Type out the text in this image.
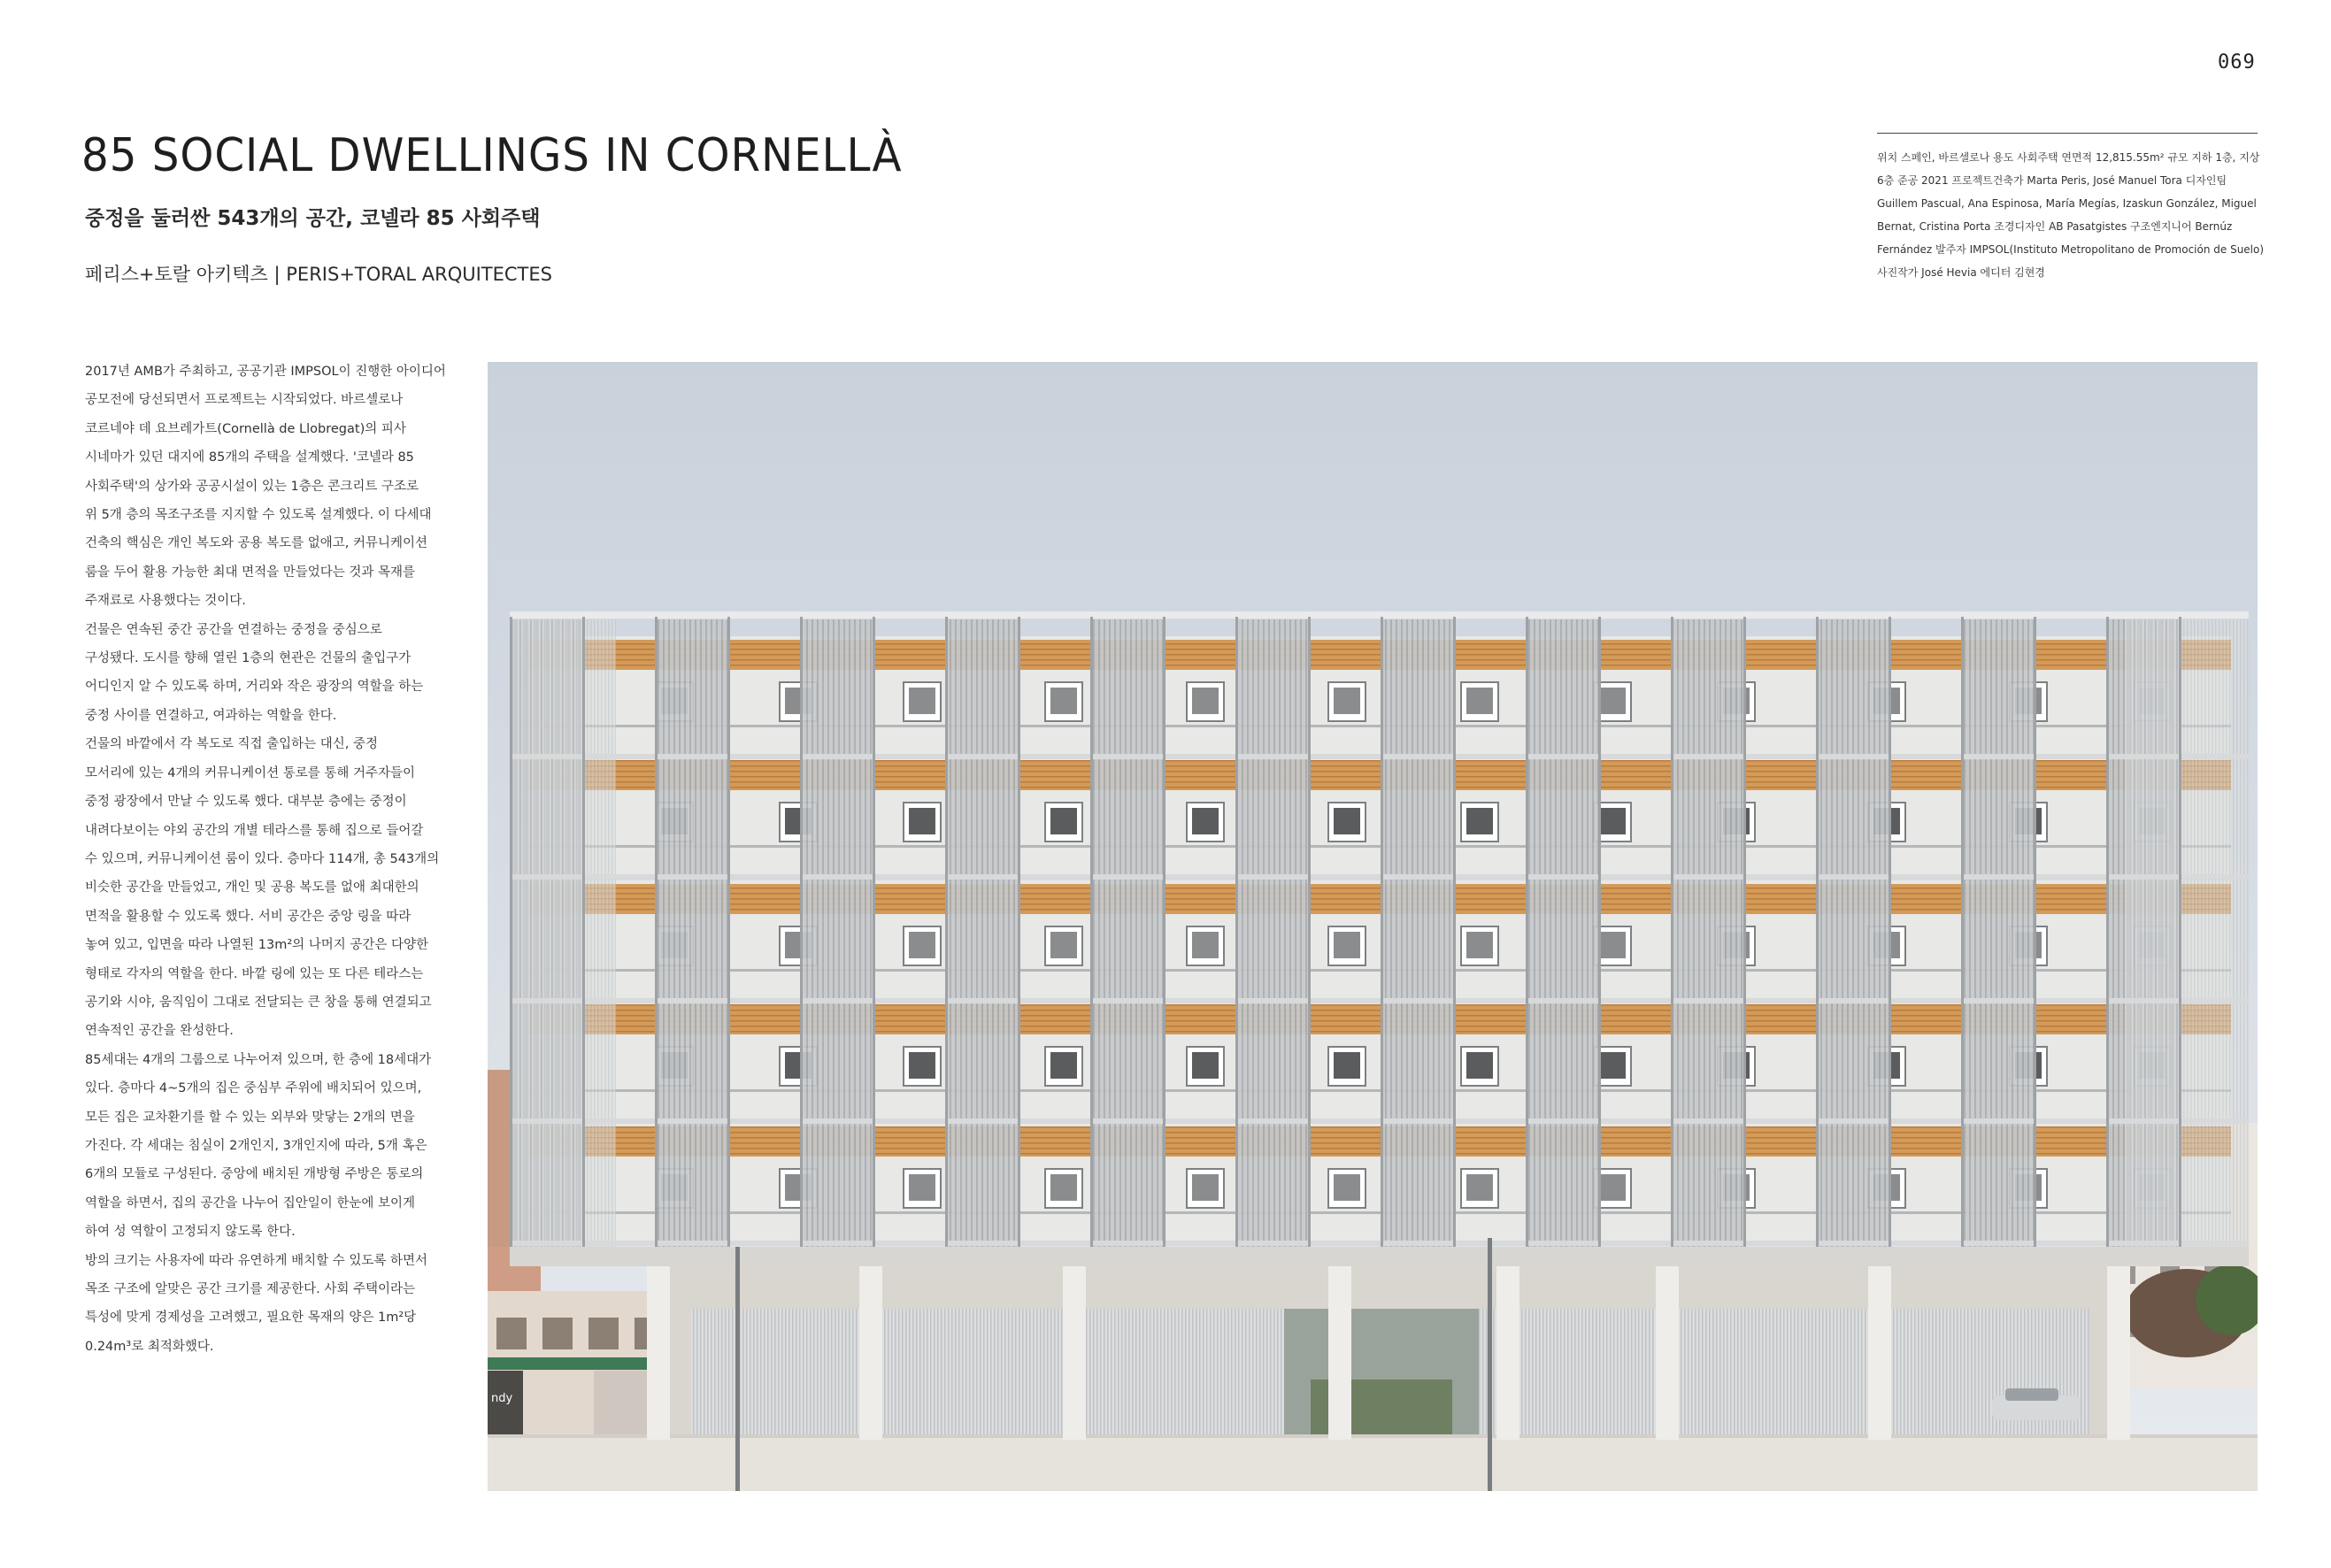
069
85 SOCIAL DWELLINGS IN CORNELLÀ
중정을 둘러싼 543개의 공간, 코넬라 85 사회주택
페리스+토랄 아키텍츠 | PERIS+TORAL ARQUITECTES

위치 스페인, 바르셀로나 용도 사회주택 연면적 12,815.55m² 규모 지하 1층, 지상

6층 준공 2021 프로젝트건축가 Marta Peris, José Manuel Tora 디자인팀

Guillem Pascual, Ana Espinosa, María Megías, Izaskun González, Miguel

Bernat, Cristina Porta 조경디자인 AB Pasatgistes 구조엔지니어 Bernúz

Fernández 발주자 IMPSOL(Instituto Metropolitano de Promoción de Suelo)

사진작가 José Hevia 에디터 김현경

2017년 AMB가 주최하고, 공공기관 IMPSOL이 진행한 아이디어

공모전에 당선되면서 프로젝트는 시작되었다. 바르셀로나

코르네야 데 요브레가트(Cornellà de Llobregat)의 피사

시네마가 있던 대지에 85개의 주택을 설계했다. '코넬라 85

사회주택'의 상가와 공공시설이 있는 1층은 콘크리트 구조로

위 5개 층의 목조구조를 지지할 수 있도록 설계했다. 이 다세대

건축의 핵심은 개인 복도와 공용 복도를 없애고, 커뮤니케이션

룸을 두어 활용 가능한 최대 면적을 만들었다는 것과 목재를

주재료로 사용했다는 것이다.

건물은 연속된 중간 공간을 연결하는 중정을 중심으로

구성됐다. 도시를 향해 열린 1층의 현관은 건물의 출입구가

어디인지 알 수 있도록 하며, 거리와 작은 광장의 역할을 하는

중정 사이를 연결하고, 여과하는 역할을 한다.

건물의 바깥에서 각 복도로 직접 출입하는 대신, 중정

모서리에 있는 4개의 커뮤니케이션 통로를 통해 거주자들이

중정 광장에서 만날 수 있도록 했다. 대부분 층에는 중정이

내려다보이는 야외 공간의 개별 테라스를 통해 집으로 들어갈

수 있으며, 커뮤니케이션 룸이 있다. 층마다 114개, 총 543개의

비슷한 공간을 만들었고, 개인 및 공용 복도를 없애 최대한의

면적을 활용할 수 있도록 했다. 서비 공간은 중앙 링을 따라

놓여 있고, 입면을 따라 나열된 13m²의 나머지 공간은 다양한

형태로 각자의 역할을 한다. 바깥 링에 있는 또 다른 테라스는

공기와 시야, 움직임이 그대로 전달되는 큰 창을 통해 연결되고

연속적인 공간을 완성한다.

85세대는 4개의 그룹으로 나누어져 있으며, 한 층에 18세대가

있다. 층마다 4~5개의 집은 중심부 주위에 배치되어 있으며,

모든 집은 교차환기를 할 수 있는 외부와 맞닿는 2개의 면을

가진다. 각 세대는 침실이 2개인지, 3개인지에 따라, 5개 혹은

6개의 모듈로 구성된다. 중앙에 배치된 개방형 주방은 통로의

역할을 하면서, 집의 공간을 나누어 집안일이 한눈에 보이게

하여 성 역할이 고정되지 않도록 한다.

방의 크기는 사용자에 따라 유연하게 배치할 수 있도록 하면서

목조 구조에 알맞은 공간 크기를 제공한다. 사회 주택이라는

특성에 맞게 경제성을 고려했고, 필요한 목재의 양은 1m²당

0.24m³로 최적화했다.

ndy
